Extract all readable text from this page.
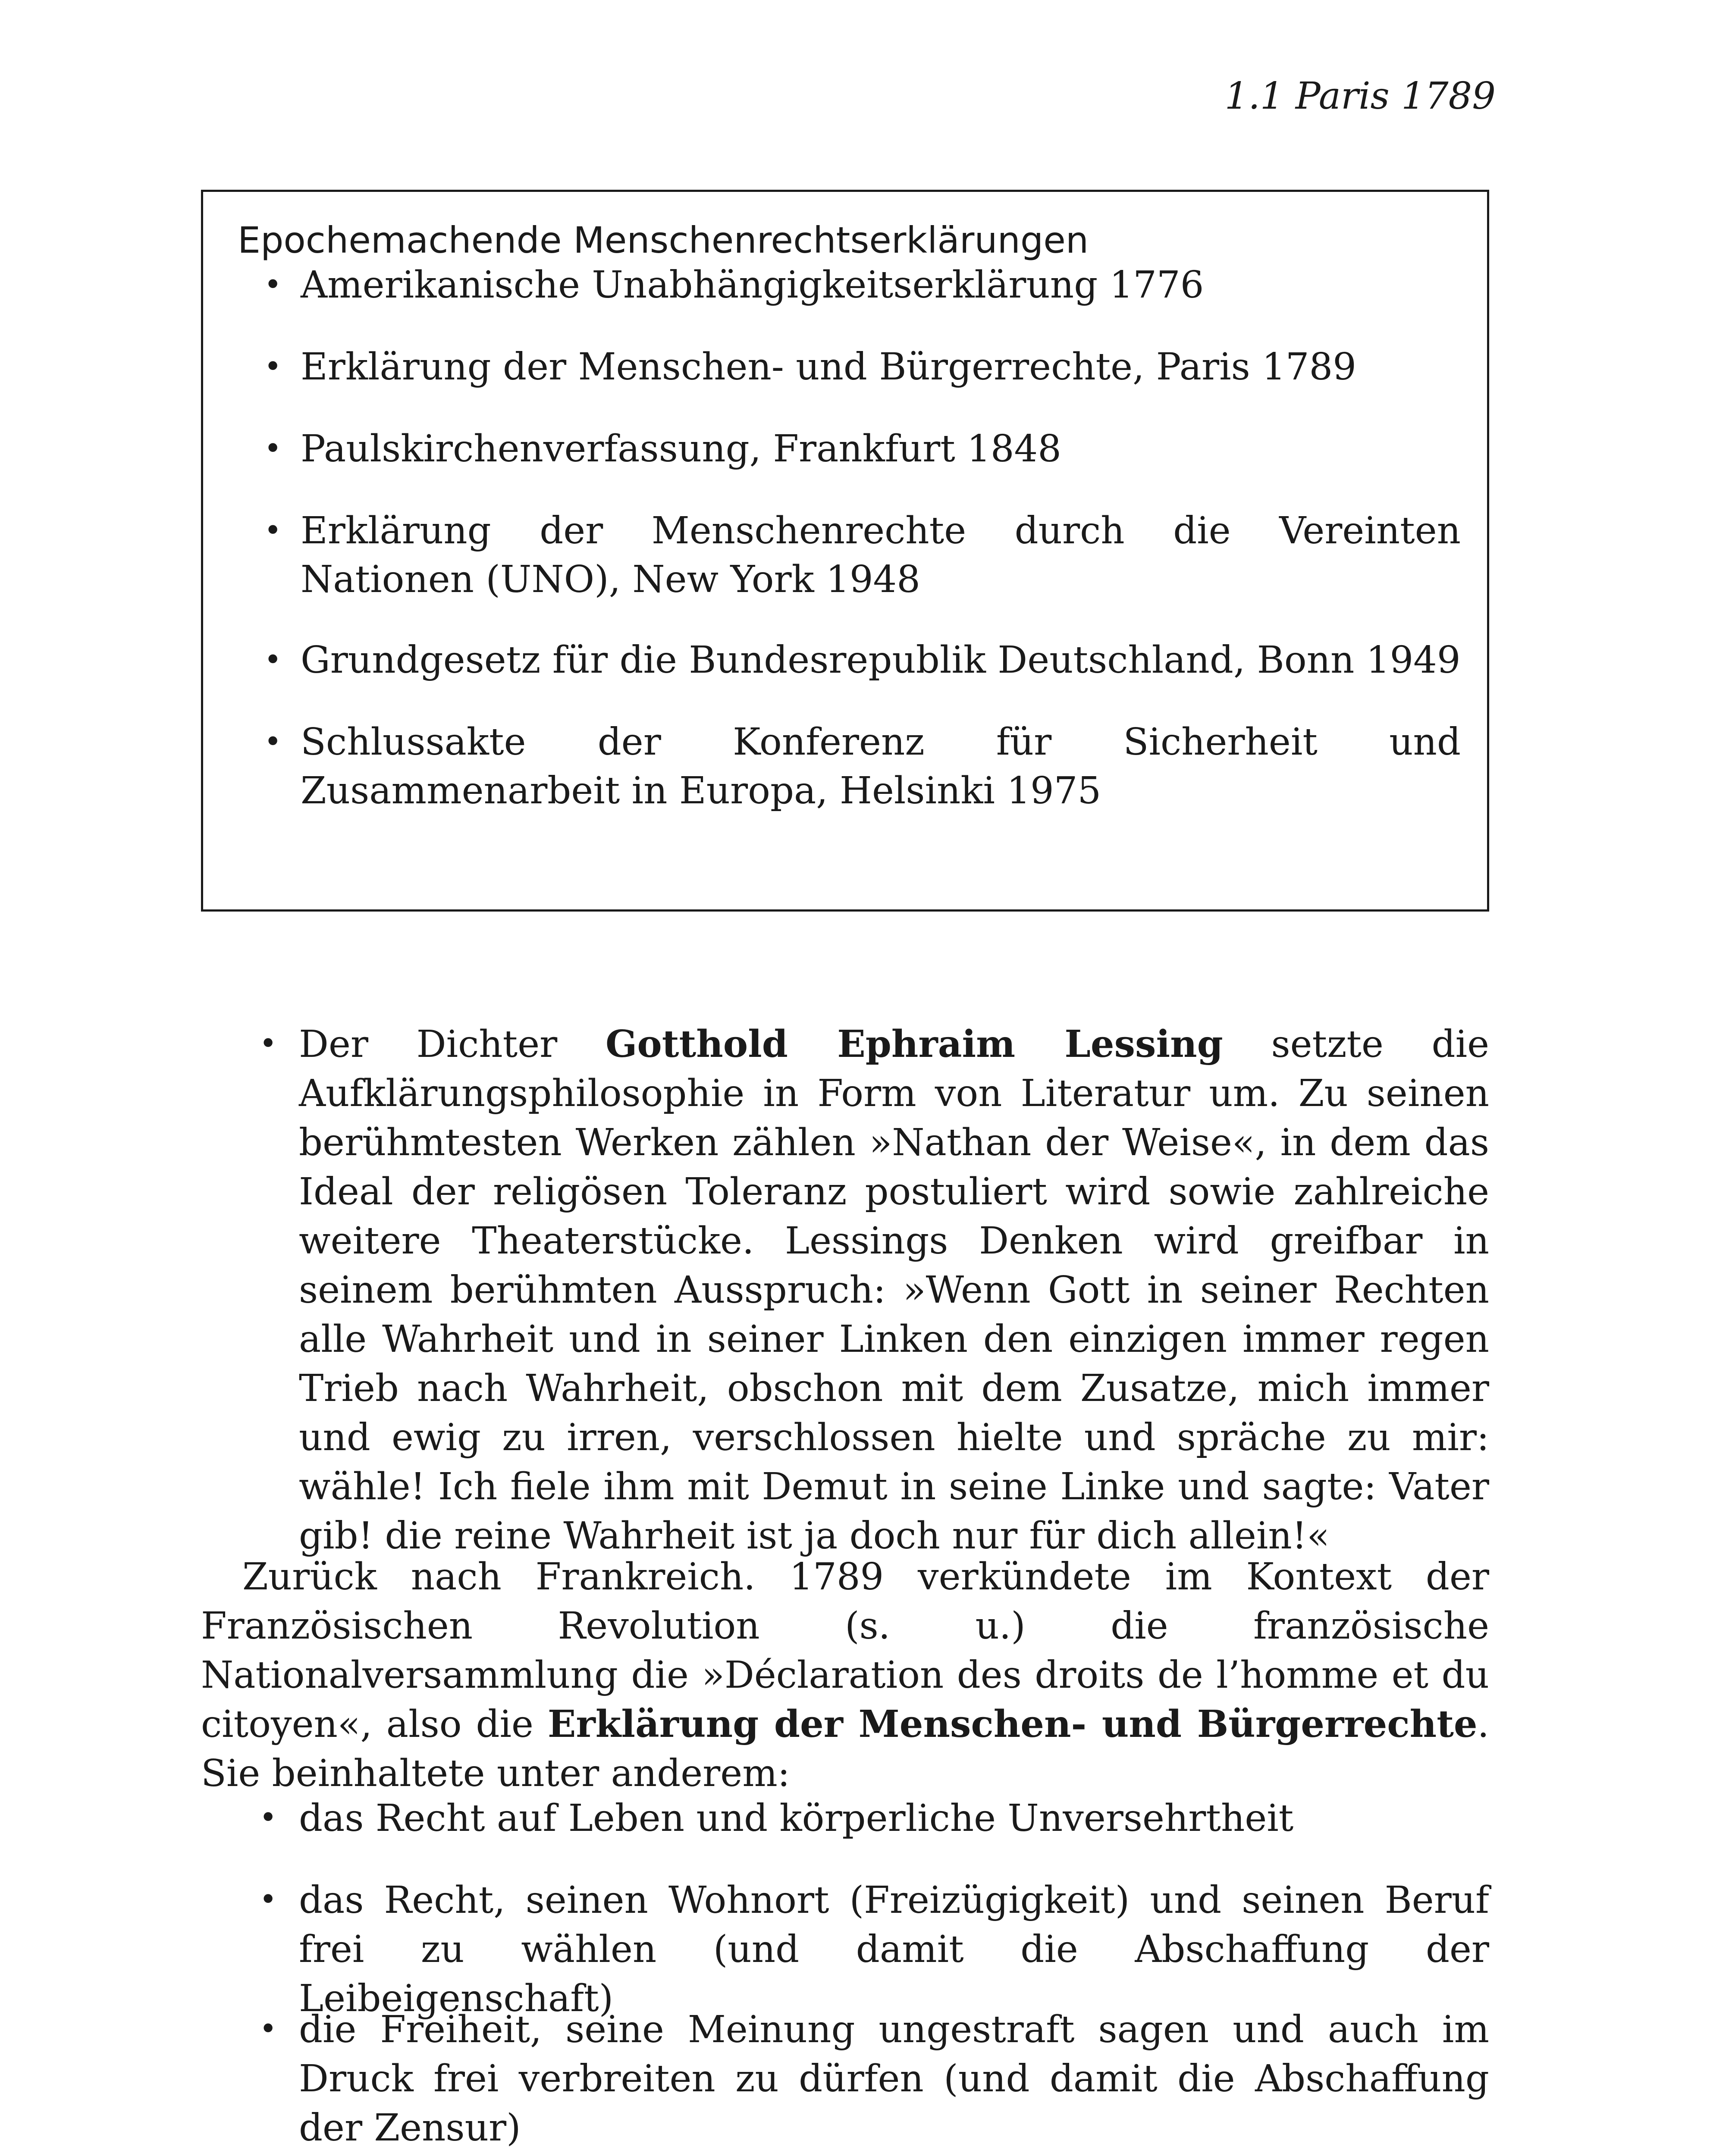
1.1 Paris 1789
Epochemachende Menschenrechtserklärungen
• Amerikanische Unabhängigkeitserklärung 1776
• Erklärung der Menschen- und Bürgerrechte, Paris 1789
• Paulskirchenverfassung, Frankfurt 1848
• Erklärung der Menschenrechte durch die Vereinten Nationen (UNO), New York 1948
• Grundgesetz für die Bundesrepublik Deutschland, Bonn 1949
• Schlussakte der Konferenz für Sicherheit und Zusammenarbeit in Europa, Helsinki 1975
• Der Dichter Gotthold Ephraim Lessing setzte die Aufklärungsphilosophie in Form von Literatur um. Zu seinen berühmtesten Werken zählen »Nathan der Weise«, in dem das Ideal der religösen Toleranz postuliert wird sowie zahlreiche weitere Theaterstücke. Lessings Denken wird greifbar in seinem berühmten Ausspruch: »Wenn Gott in seiner Rechten alle Wahrheit und in seiner Linken den einzigen immer regen Trieb nach Wahrheit, obschon mit dem Zusatze, mich immer und ewig zu irren, verschlossen hielte und spräche zu mir: wähle! Ich fiele ihm mit Demut in seine Linke und sagte: Vater gib! die reine Wahrheit ist ja doch nur für dich allein!«
Zurück nach Frankreich. 1789 verkündete im Kontext der Französischen Revolution (s. u.) die französische Nationalversammlung die »Déclaration des droits de l’homme et du citoyen«, also die Erklärung der Menschen- und Bürgerrechte. Sie beinhaltete unter anderem:
• das Recht auf Leben und körperliche Unversehrtheit
• das Recht, seinen Wohnort (Freizügigkeit) und seinen Beruf frei zu wählen (und damit die Abschaffung der Leibeigenschaft)
• die Freiheit, seine Meinung ungestraft sagen und auch im Druck frei verbreiten zu dürfen (und damit die Abschaffung der Zensur)
